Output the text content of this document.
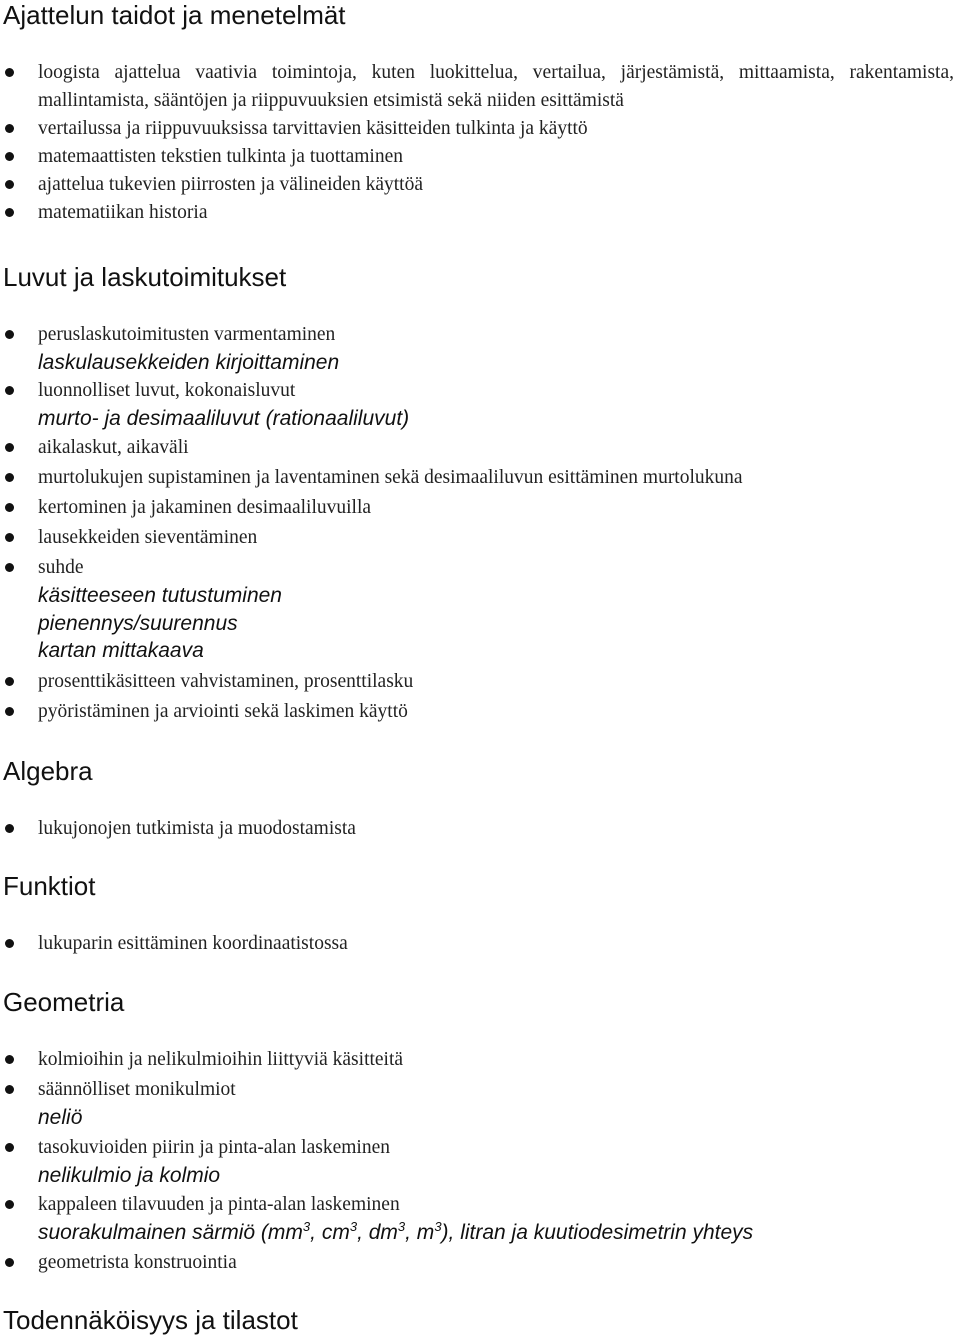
Ajattelun taidot ja menetelmät
loogista ajattelua vaativia toimintoja, kuten luokittelua, vertailua, järjestämistä, mittaamista, rakentamista, mallintamista, sääntöjen ja riippuvuuksien etsimistä sekä niiden esittämistä
vertailussa ja riippuvuuksissa tarvittavien käsitteiden tulkinta ja käyttö
matemaattisten tekstien tulkinta ja tuottaminen
ajattelua tukevien piirrosten ja välineiden käyttöä
matematiikan historia
Luvut ja laskutoimitukset
peruslaskutoimitusten varmentaminen
laskulausekkeiden kirjoittaminen
luonnolliset luvut, kokonaisluvut
murto- ja desimaaliluvut (rationaaliluvut)
aikalaskut, aikaväli
murtolukujen supistaminen ja laventaminen sekä desimaaliluvun esittäminen murtolukuna
kertominen ja jakaminen desimaaliluvuilla
lausekkeiden sieventäminen
suhde
käsitteeseen tutustuminen
pienennys/suurennus
kartan mittakaava
prosenttikäsitteen vahvistaminen, prosenttilasku
pyöristäminen ja arviointi sekä laskimen käyttö
Algebra
lukujonojen tutkimista ja muodostamista
Funktiot
lukuparin esittäminen koordinaatistossa
Geometria
kolmioihin ja nelikulmioihin liittyviä käsitteitä
säännölliset monikulmiot
neliö
tasokuvioiden piirin ja pinta-alan laskeminen
nelikulmio ja kolmio
kappaleen tilavuuden ja pinta-alan laskeminen
suorakulmainen särmiö ($mm^3$, $cm^3$, $dm^3$, $m^3$), litran ja kuutiodesimetrin yhteys
geometrista konstruointia
Todennäköisyys ja tilastot
